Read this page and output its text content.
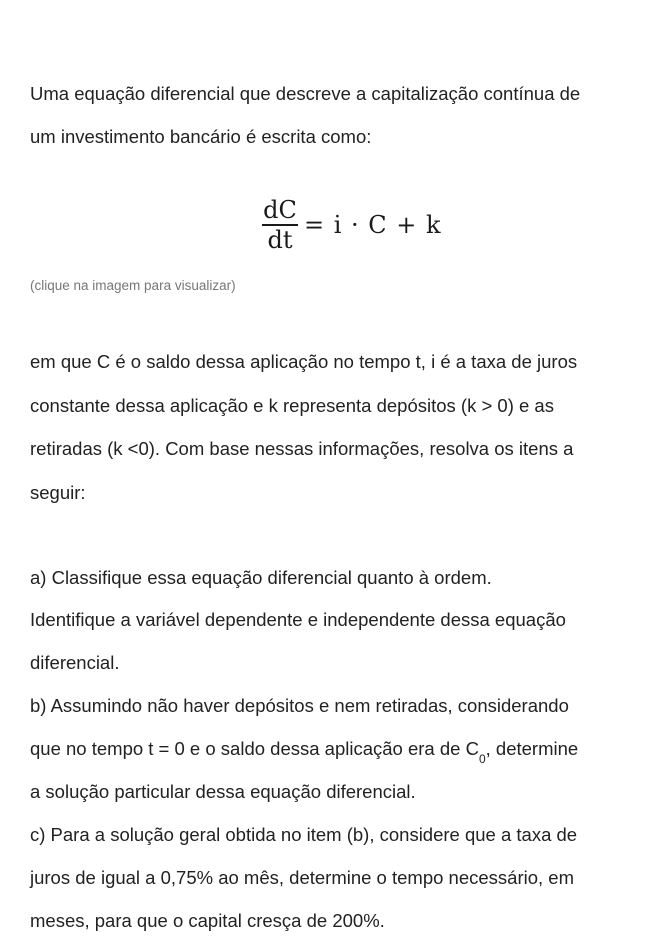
Uma equação diferencial que descreve a capitalização contínua de
um investimento bancário é escrita como:
$\frac{dC}{dt} = i \cdot C + k$
(clique na imagem para visualizar)
em que C é o saldo dessa aplicação no tempo t, i é a taxa de juros
constante dessa aplicação e k representa depósitos (k > 0) e as
retiradas (k <0). Com base nessas informações, resolva os itens a
seguir:
a) Classifique essa equação diferencial quanto à ordem.
Identifique a variável dependente e independente dessa equação
diferencial.
b) Assumindo não haver depósitos e nem retiradas, considerando
que no tempo t = 0 e o saldo dessa aplicação era de $C_0$, determine
a solução particular dessa equação diferencial.
c) Para a solução geral obtida no item (b), considere que a taxa de
juros de igual a 0,75% ao mês, determine o tempo necessário, em
meses, para que o capital cresça de 200%.
